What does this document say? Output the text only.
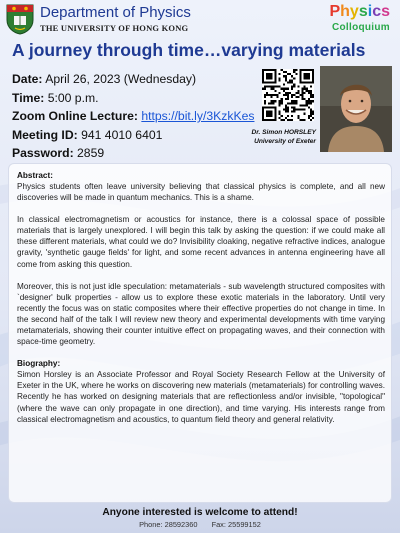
Department of Physics
THE UNIVERSITY OF HONG KONG
Physics
Colloquium
A journey through time…varying materials
Date: April 26, 2023 (Wednesday)
Time: 5:00 p.m.
Zoom Online Lecture: https://bit.ly/3KzkKes
Meeting ID: 941 4010 6401
Password: 2859
Dr. Simon HORSLEY
University of Exeter
Abstract:

Physics students often leave university believing that classical physics is complete, and all new discoveries will be made in quantum mechanics. This is a shame.

In classical electromagnetism or acoustics for instance, there is a colossal space of possible materials that is largely unexplored. I will begin this talk by asking the question: if we could make all these different materials, what could we do? Invisibility cloaking, negative refractive indices, analogue gravity, 'synthetic gauge fields' for light, and some recent advances in antenna engineering have all come from asking this question.

Moreover, this is not just idle speculation: metamaterials - sub wavelength structured composites with `designer' bulk properties - allow us to explore these exotic materials in the laboratory. Until very recently the focus was on static composites where their effective properties do not change in time. In the second half of the talk I will review new theory and experimental developments with time varying metamaterials, showing their counter intuitive effect on propagating waves, and their connection with space-time geometry.

Biography:

Simon Horsley is an Associate Professor and Royal Society Research Fellow at the University of Exeter in the UK, where he works on discovering new materials (metamaterials) for controlling waves. Recently he has worked on designing materials that are reflectionless and/or invisible, "topological" (where the wave can only propagate in one direction), and time varying. His interests range from classical electromagnetism and acoustics, to quantum field theory and general relativity.

Anyone interested is welcome to attend!
Phone: 28592360 Fax: 25599152
